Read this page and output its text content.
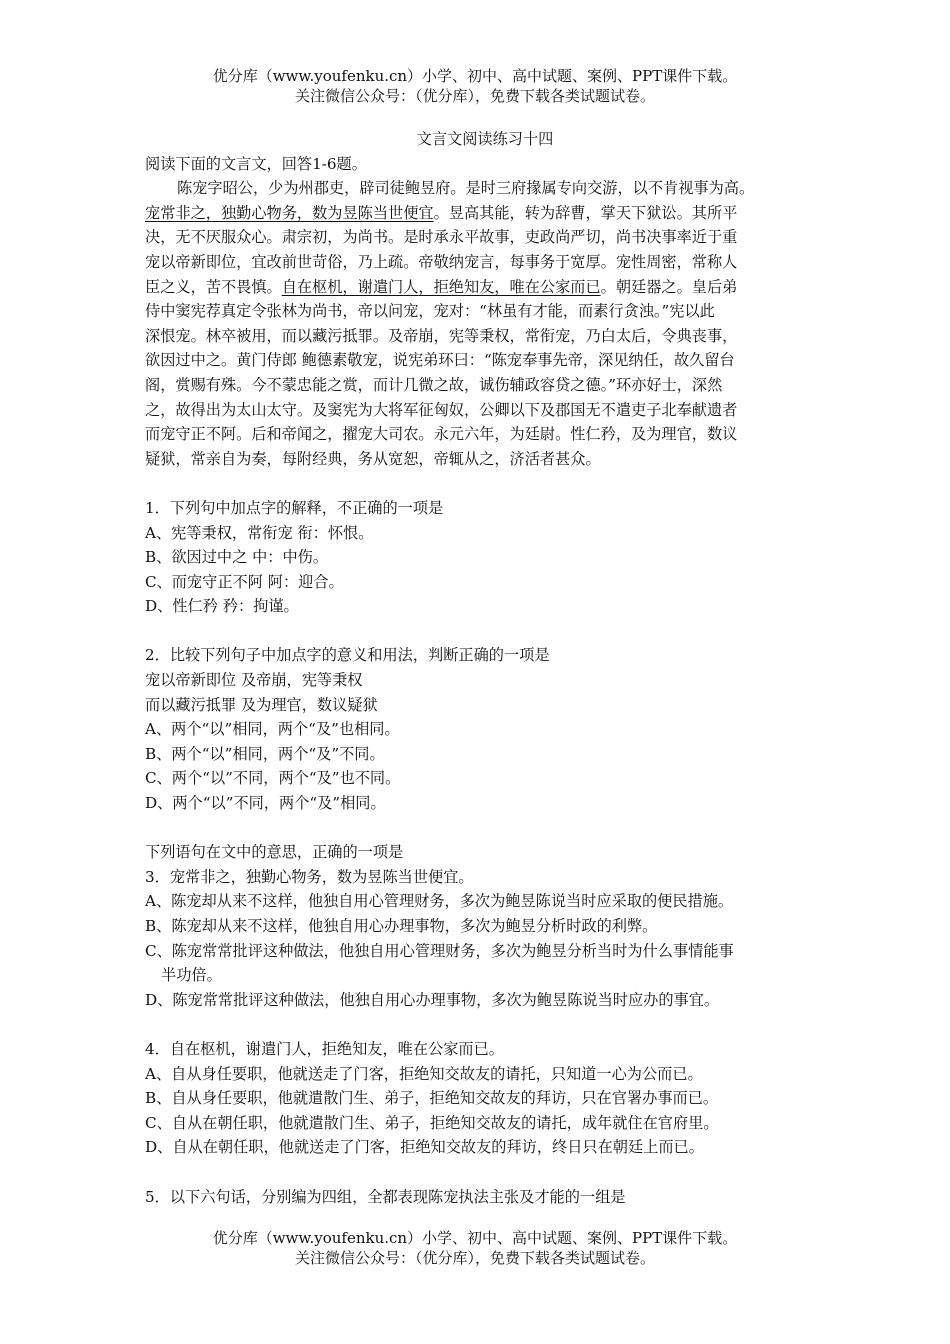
优分库（www.youfenku.cn）小学、初中、高中试题、案例、PPT课件下载。
关注微信公众号：（优分库），免费下载各类试题试卷。
文言文阅读练习十四
阅读下面的文言文，回答1-6题。
陈宠字昭公，少为州郡吏，辟司徒鲍昱府。是时三府掾属专向交游，以不肯视事为高。
宠常非之，独勤心物务，数为昱陈当世便宜。昱高其能，转为辞曹，掌天下狱讼。其所平
决，无不厌服众心。肃宗初，为尚书。是时承永平故事，吏政尚严切，尚书决事率近于重
宠以帝新即位，宜改前世苛俗，乃上疏。帝敬纳宠言，每事务于宽厚。宠性周密，常称人
臣之义，苦不畏慎。自在枢机，谢遣门人，拒绝知友，唯在公家而已。朝廷器之。皇后弟
侍中窦宪荐真定令张林为尚书，帝以问宠，宠对：“林虽有才能，而素行贪浊。”宪以此
深恨宠。林卒被用，而以藏污抵罪。及帝崩，宪等秉权，常衔宠，乃白太后，令典丧事，
欲因过中之。黄门侍郎 鲍德素敬宠，说宪弟环曰：“陈宠奉事先帝，深见纳任，故久留台
阁，赏赐有殊。今不蒙忠能之赏，而计几微之故，诚伤辅政容贷之德。”环亦好士，深然
之，故得出为太山太守。及窦宪为大将军征匈奴，公卿以下及郡国无不遣吏子北奉献遗者
而宠守正不阿。后和帝闻之，擢宠大司农。永元六年，为廷尉。性仁矜，及为理官，数议
疑狱，常亲自为奏，每附经典，务从宽恕，帝辄从之，济活者甚众。
1．下列句中加点字的解释，不正确的一项是
A、宪等秉权，常衔宠 衔：怀恨。
B、欲因过中之 中：中伤。
C、而宠守正不阿 阿：迎合。
D、性仁矜 矜：拘谨。
2．比较下列句子中加点字的意义和用法，判断正确的一项是
宠以帝新即位 及帝崩，宪等秉权
而以藏污抵罪 及为理官，数议疑狱
A、两个“以”相同，两个“及”也相同。
B、两个“以”相同，两个“及”不同。
C、两个“以”不同，两个“及”也不同。
D、两个“以”不同，两个“及”相同。
下列语句在文中的意思，正确的一项是
3．宠常非之，独勤心物务，数为昱陈当世便宜。
A、陈宠却从来不这样，他独自用心管理财务，多次为鲍昱陈说当时应采取的便民措施。
B、陈宠却从来不这样，他独自用心办理事物，多次为鲍昱分析时政的利弊。
C、陈宠常常批评这种做法，他独自用心管理财务，多次为鲍昱分析当时为什么事情能事
半功倍。
D、陈宠常常批评这种做法，他独自用心办理事物，多次为鲍昱陈说当时应办的事宜。
4．自在枢机，谢遣门人，拒绝知友，唯在公家而已。
A、自从身任要职，他就送走了门客，拒绝知交故友的请托，只知道一心为公而已。
B、自从身任要职，他就遣散门生、弟子，拒绝知交故友的拜访，只在官署办事而已。
C、自从在朝任职，他就遣散门生、弟子，拒绝知交故友的请托，成年就住在官府里。
D、自从在朝任职，他就送走了门客，拒绝知交故友的拜访，终日只在朝廷上而已。
5．以下六句话，分别编为四组，全都表现陈宠执法主张及才能的一组是
优分库（www.youfenku.cn）小学、初中、高中试题、案例、PPT课件下载。
关注微信公众号：（优分库），免费下载各类试题试卷。
